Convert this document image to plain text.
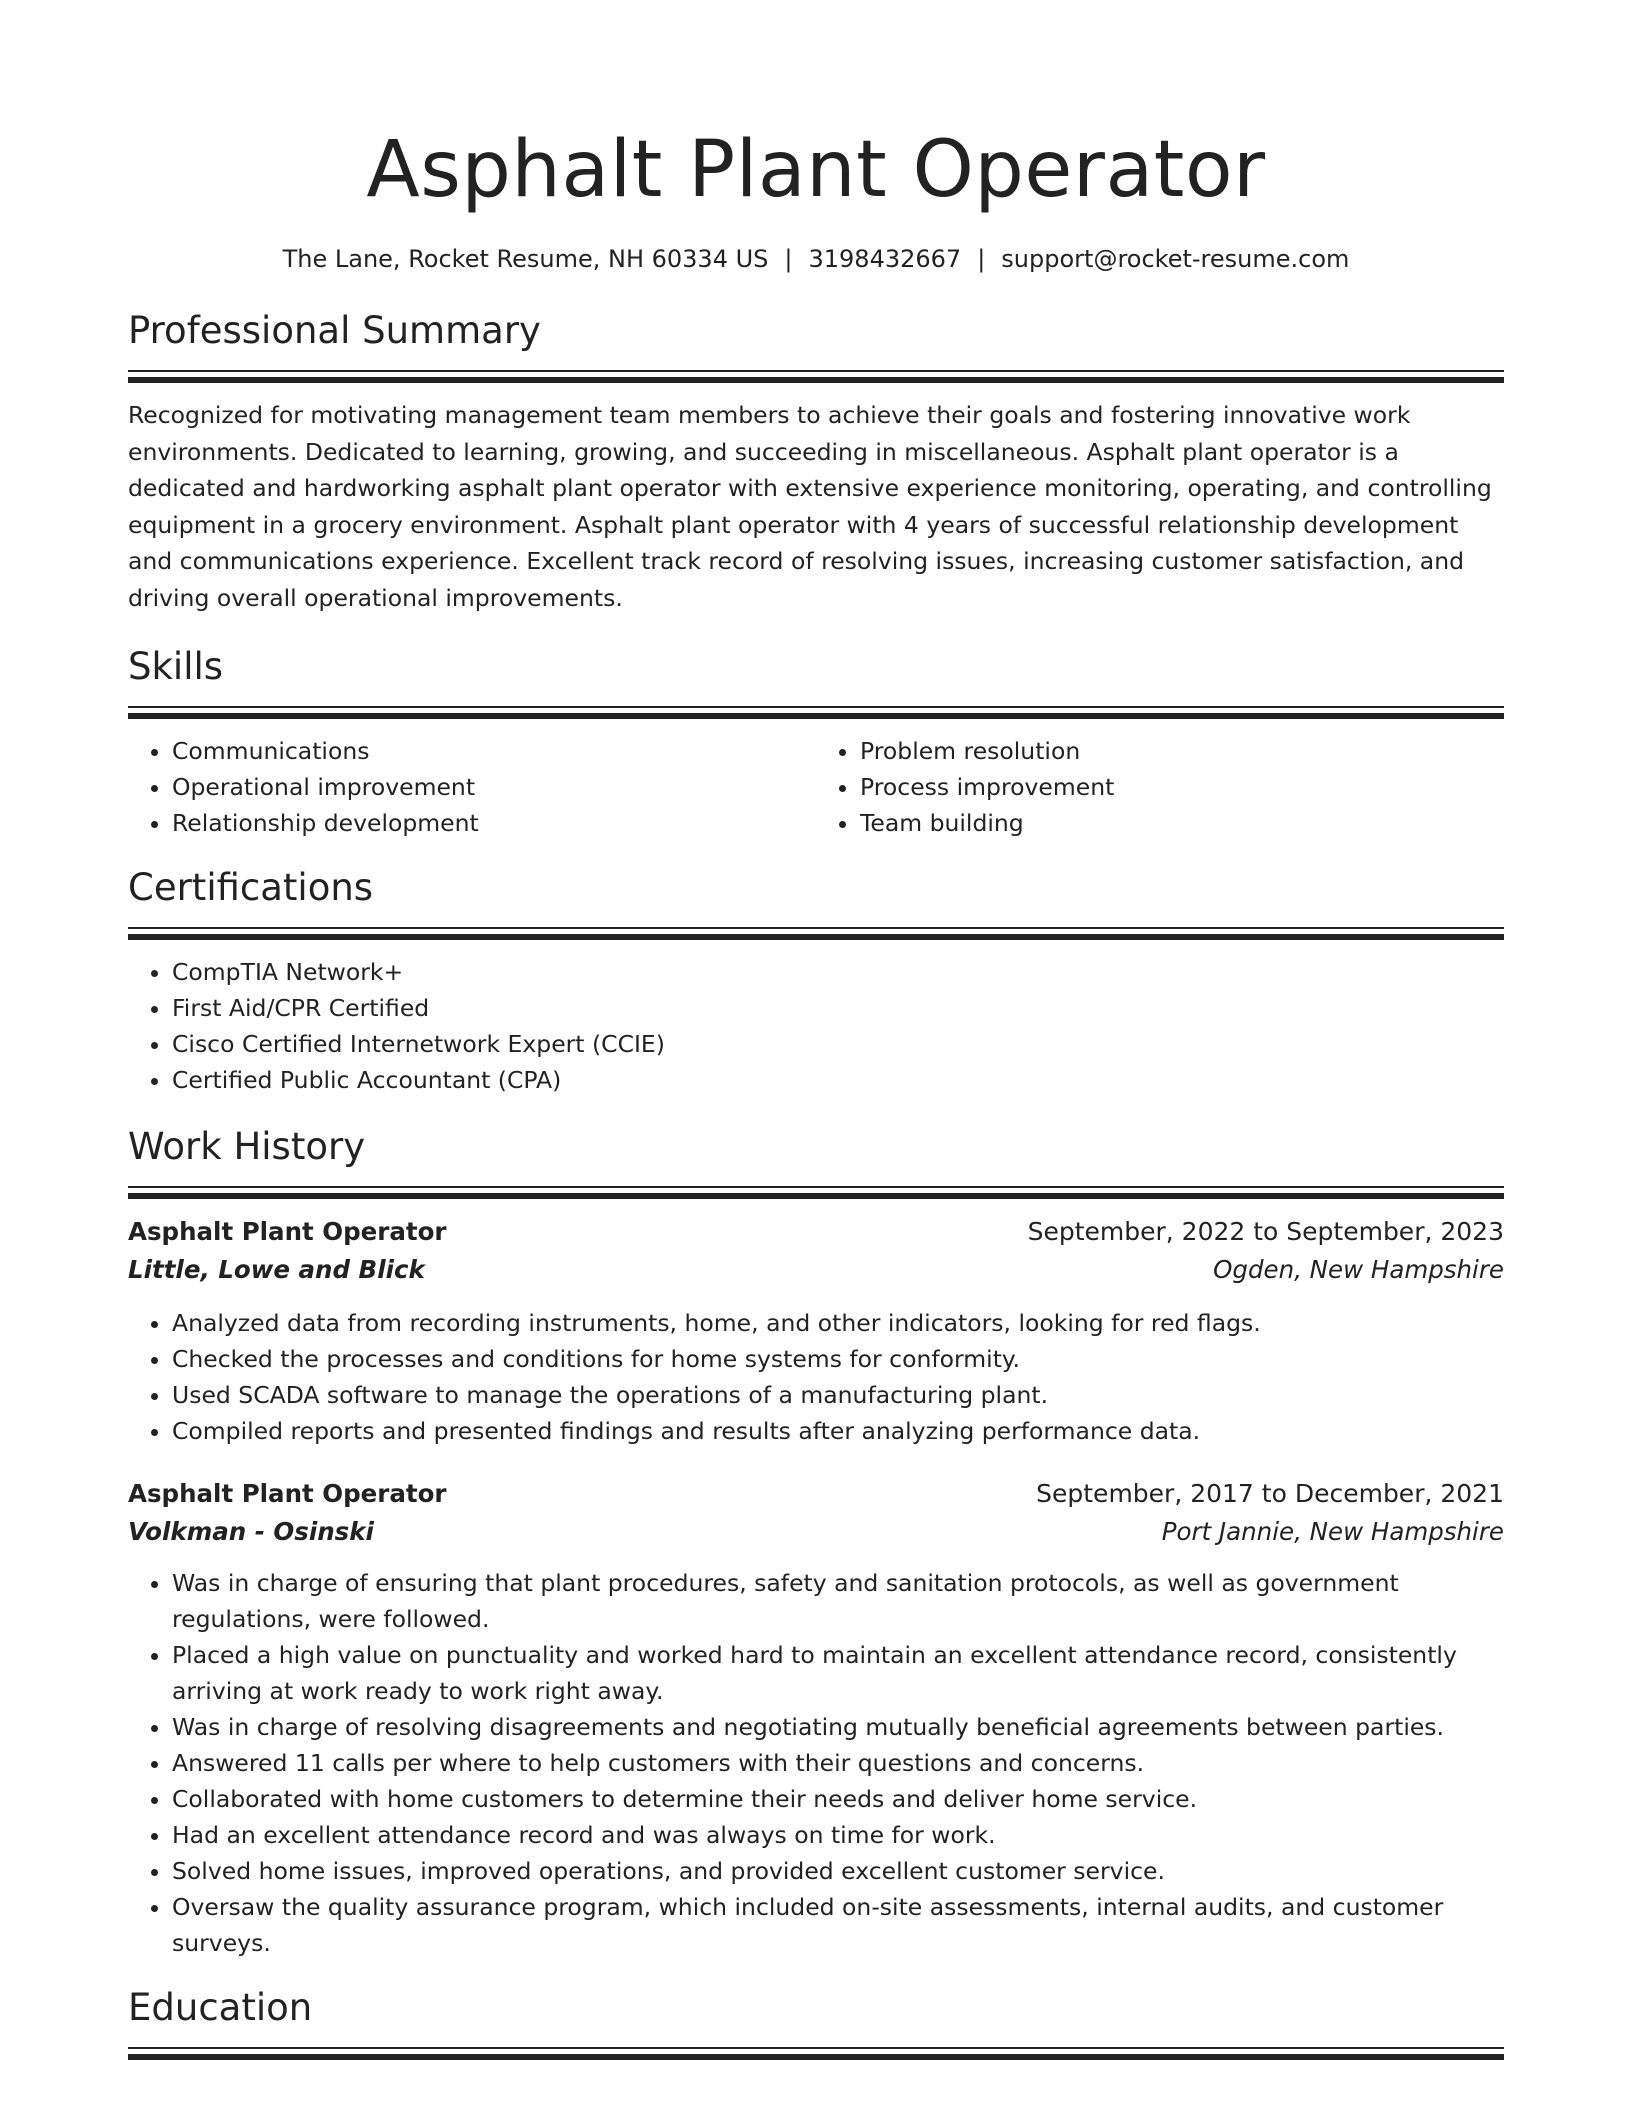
Asphalt Plant Operator
The Lane, Rocket Resume, NH 60334 US | 3198432667 | support@rocket-resume.com
Professional Summary
Recognized for motivating management team members to achieve their goals and fostering innovative work environments. Dedicated to learning, growing, and succeeding in miscellaneous. Asphalt plant operator is a dedicated and hardworking asphalt plant operator with extensive experience monitoring, operating, and controlling equipment in a grocery environment. Asphalt plant operator with 4 years of successful relationship development and communications experience. Excellent track record of resolving issues, increasing customer satisfaction, and driving overall operational improvements.
Skills
• Communications
• Operational improvement
• Relationship development
• Problem resolution
• Process improvement
• Team building
Certifications
• CompTIA Network+
• First Aid/CPR Certified
• Cisco Certified Internetwork Expert (CCIE)
• Certified Public Accountant (CPA)
Work History
Asphalt Plant Operator	September, 2022 to September, 2023
Little, Lowe and Blick	Ogden, New Hampshire
• Analyzed data from recording instruments, home, and other indicators, looking for red flags.
• Checked the processes and conditions for home systems for conformity.
• Used SCADA software to manage the operations of a manufacturing plant.
• Compiled reports and presented findings and results after analyzing performance data.
Asphalt Plant Operator	September, 2017 to December, 2021
Volkman - Osinski	Port Jannie, New Hampshire
• Was in charge of ensuring that plant procedures, safety and sanitation protocols, as well as government regulations, were followed.
• Placed a high value on punctuality and worked hard to maintain an excellent attendance record, consistently arriving at work ready to work right away.
• Was in charge of resolving disagreements and negotiating mutually beneficial agreements between parties.
• Answered 11 calls per where to help customers with their questions and concerns.
• Collaborated with home customers to determine their needs and deliver home service.
• Had an excellent attendance record and was always on time for work.
• Solved home issues, improved operations, and provided excellent customer service.
• Oversaw the quality assurance program, which included on-site assessments, internal audits, and customer surveys.
Education
